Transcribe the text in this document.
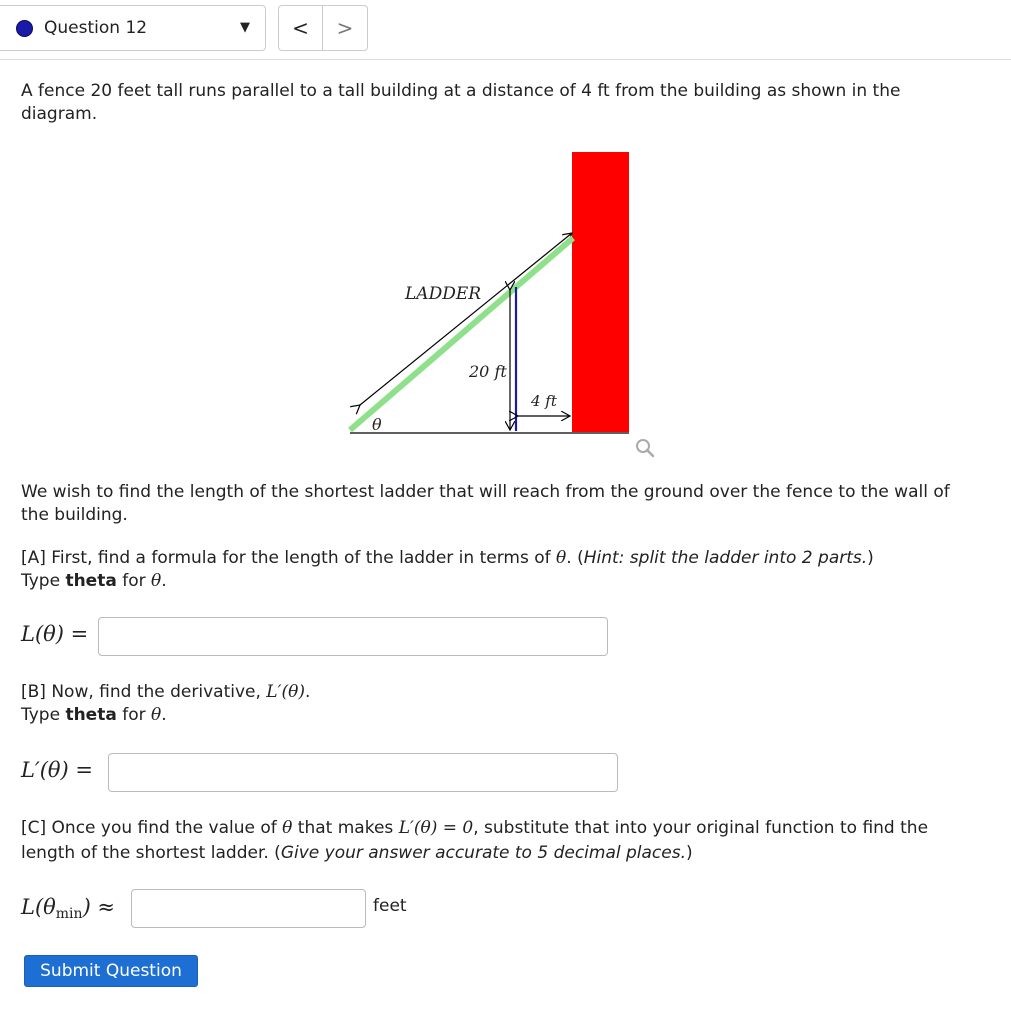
Question 12	▼	<	>
A fence 20 feet tall runs parallel to a tall building at a distance of 4 ft from the building as shown in the diagram.
LADDER
20 ft
4 ft
θ
We wish to find the length of the shortest ladder that will reach from the ground over the fence to the wall of the building.
[A] First, find a formula for the length of the ladder in terms of θ. (Hint: split the ladder into 2 parts.)
Type theta for θ.
L(θ) =
[B] Now, find the derivative, L′(θ).
Type theta for θ.
L′(θ) =
[C] Once you find the value of θ that makes L′(θ) = 0, substitute that into your original function to find the length of the shortest ladder. (Give your answer accurate to 5 decimal places.)
L(θmin) ≈	feet
Submit Question
